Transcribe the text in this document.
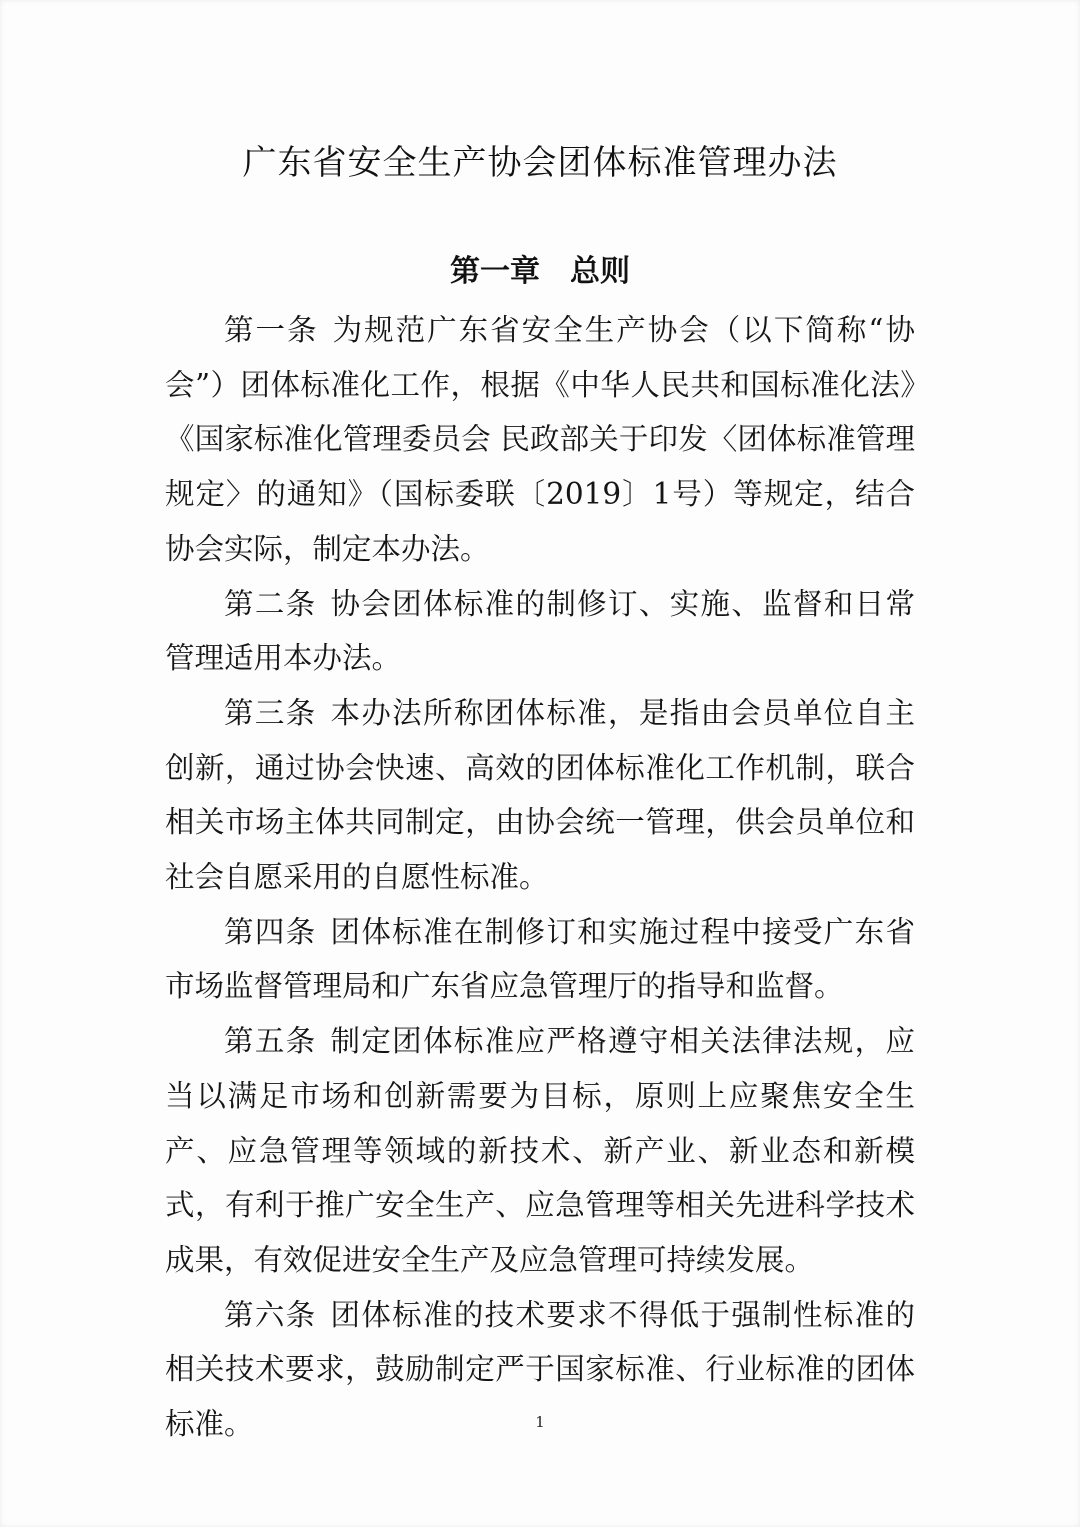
广东省安全生产协会团体标准管理办法
第一章　总则

第一条 为规范广东省安全生产协会（以下简称“协会”）团体标准化工作，根据《中华人民共和国标准化法》《国家标准化管理委员会 民政部关于印发〈团体标准管理规定〉的通知》（国标委联〔2019〕1号）等规定，结合协会实际，制定本办法。

第二条 协会团体标准的制修订、实施、监督和日常管理适用本办法。

第三条 本办法所称团体标准，是指由会员单位自主创新，通过协会快速、高效的团体标准化工作机制，联合相关市场主体共同制定，由协会统一管理，供会员单位和社会自愿采用的自愿性标准。

第四条 团体标准在制修订和实施过程中接受广东省市场监督管理局和广东省应急管理厅的指导和监督。

第五条 制定团体标准应严格遵守相关法律法规，应当以满足市场和创新需要为目标，原则上应聚焦安全生产、应急管理等领域的新技术、新产业、新业态和新模式，有利于推广安全生产、应急管理等相关先进科学技术成果，有效促进安全生产及应急管理可持续发展。

第六条 团体标准的技术要求不得低于强制性标准的相关技术要求，鼓励制定严于国家标准、行业标准的团体标准。	1
